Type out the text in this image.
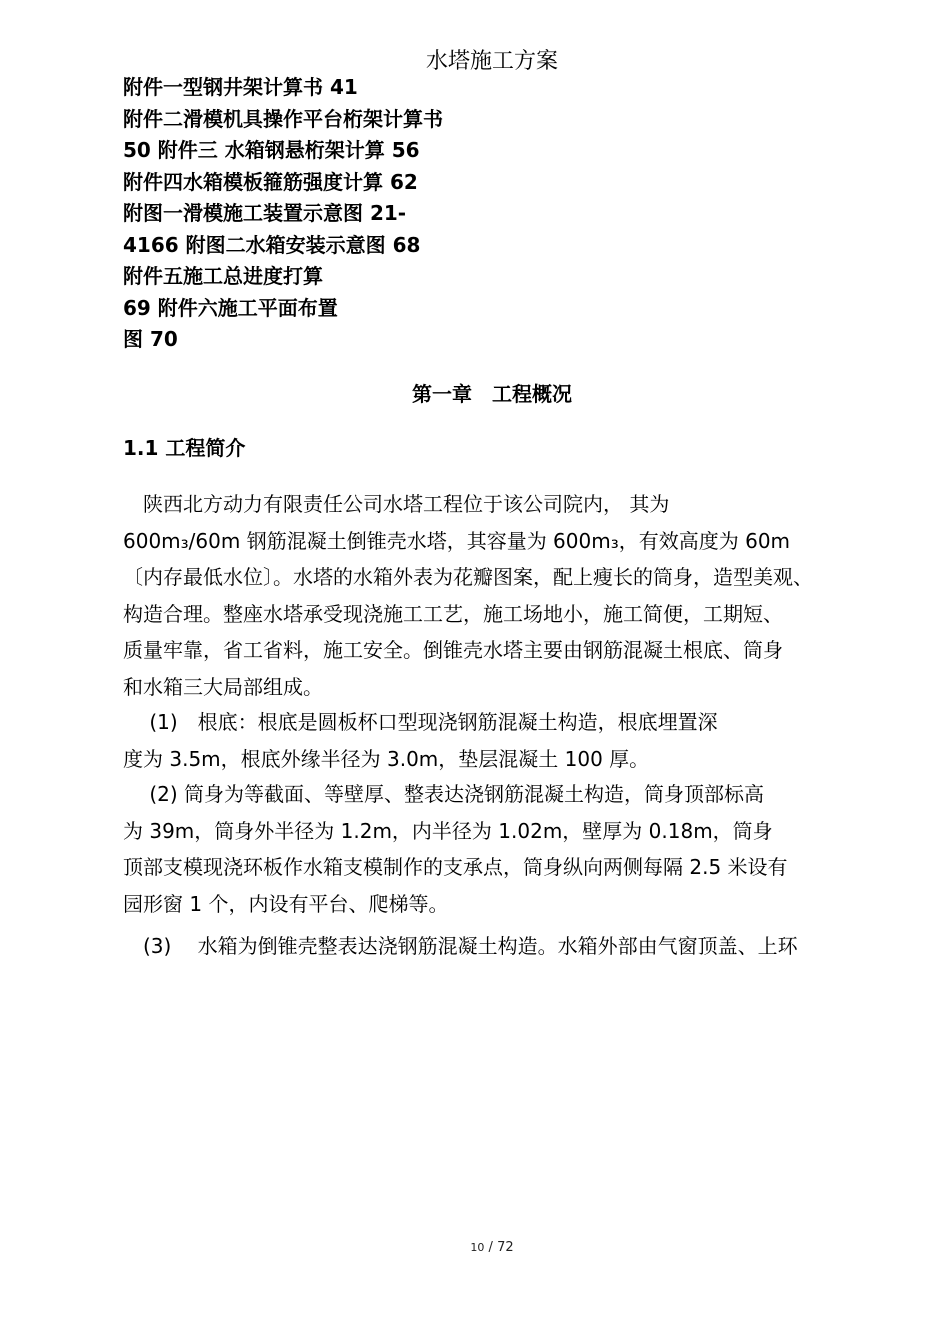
水塔施工方案
附件一型钢井架计算书 41
附件二滑模机具操作平台桁架计算书
50 附件三 水箱钢悬桁架计算 56
附件四水箱模板箍筋强度计算 62
附图一滑模施工装置示意图 21-
4166 附图二水箱安装示意图 68
附件五施工总进度打算
69 附件六施工平面布置
图 70
第一章　工程概况
1.1 工程简介
　陕西北方动力有限责任公司水塔工程位于该公司院内， 其为
600m₃/60m 钢筋混凝土倒锥壳水塔，其容量为 600m₃，有效高度为 60m
〔内存最低水位〕。水塔的水箱外表为花瓣图案，配上瘦长的筒身，造型美观、
构造合理。整座水塔承受现浇施工工艺，施工场地小，施工简便，工期短、
质量牢靠，省工省料，施工安全。倒锥壳水塔主要由钢筋混凝土根底、筒身
和水箱三大局部组成。
　 (1)　根底：根底是圆板杯口型现浇钢筋混凝土构造，根底埋置深
度为 3.5m，根底外缘半径为 3.0m，垫层混凝土 100 厚。
　 (2) 筒身为等截面、等壁厚、整表达浇钢筋混凝土构造，筒身顶部标高
为 39m，筒身外半径为 1.2m，内半径为 1.02m，壁厚为 0.18m，筒身
顶部支模现浇环板作水箱支模制作的支承点，筒身纵向两侧每隔 2.5 米设有
园形窗 1 个，内设有平台、爬梯等。
　(3)　 水箱为倒锥壳整表达浇钢筋混凝土构造。水箱外部由气窗顶盖、上环
10 / 72
